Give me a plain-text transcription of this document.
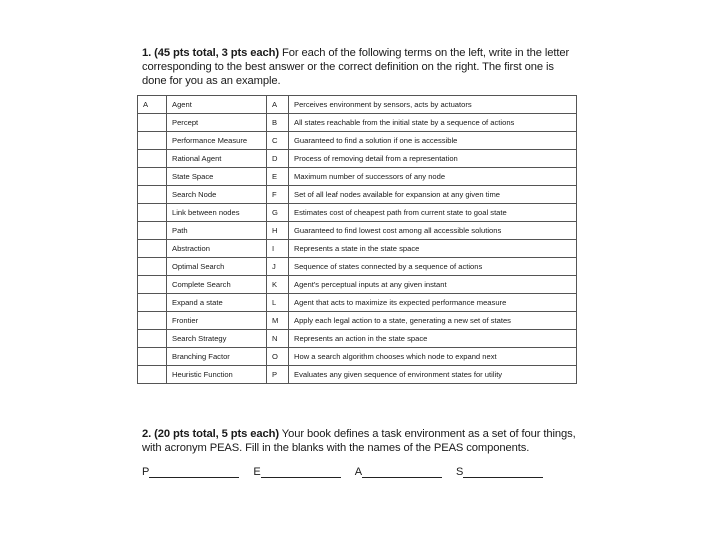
1. (45 pts total, 3 pts each) For each of the following terms on the left, write in the letter corresponding to the best answer or the correct definition on the right. The first one is done for you as an example.
A	Agent	A	Perceives environment by sensors, acts by actuators
	Percept	B	All states reachable from the initial state by a sequence of actions
	Performance Measure	C	Guaranteed to find a solution if one is accessible
	Rational Agent	D	Process of removing detail from a representation
	State Space	E	Maximum number of successors of any node
	Search Node	F	Set of all leaf nodes available for expansion at any given time
	Link between nodes	G	Estimates cost of cheapest path from current state to goal state
	Path	H	Guaranteed to find lowest cost among all accessible solutions
	Abstraction	I	Represents a state in the state space
	Optimal Search	J	Sequence of states connected by a sequence of actions
	Complete Search	K	Agent's perceptual inputs at any given instant
	Expand a state	L	Agent that acts to maximize its expected performance measure
	Frontier	M	Apply each legal action to a state, generating a new set of states
	Search Strategy	N	Represents an action in the state space
	Branching Factor	O	How a search algorithm chooses which node to expand next
	Heuristic Function	P	Evaluates any given sequence of environment states for utility
2. (20 pts total, 5 pts each) Your book defines a task environment as a set of four things, with acronym PEAS. Fill in the blanks with the names of the PEAS components.
P	E	A	S
